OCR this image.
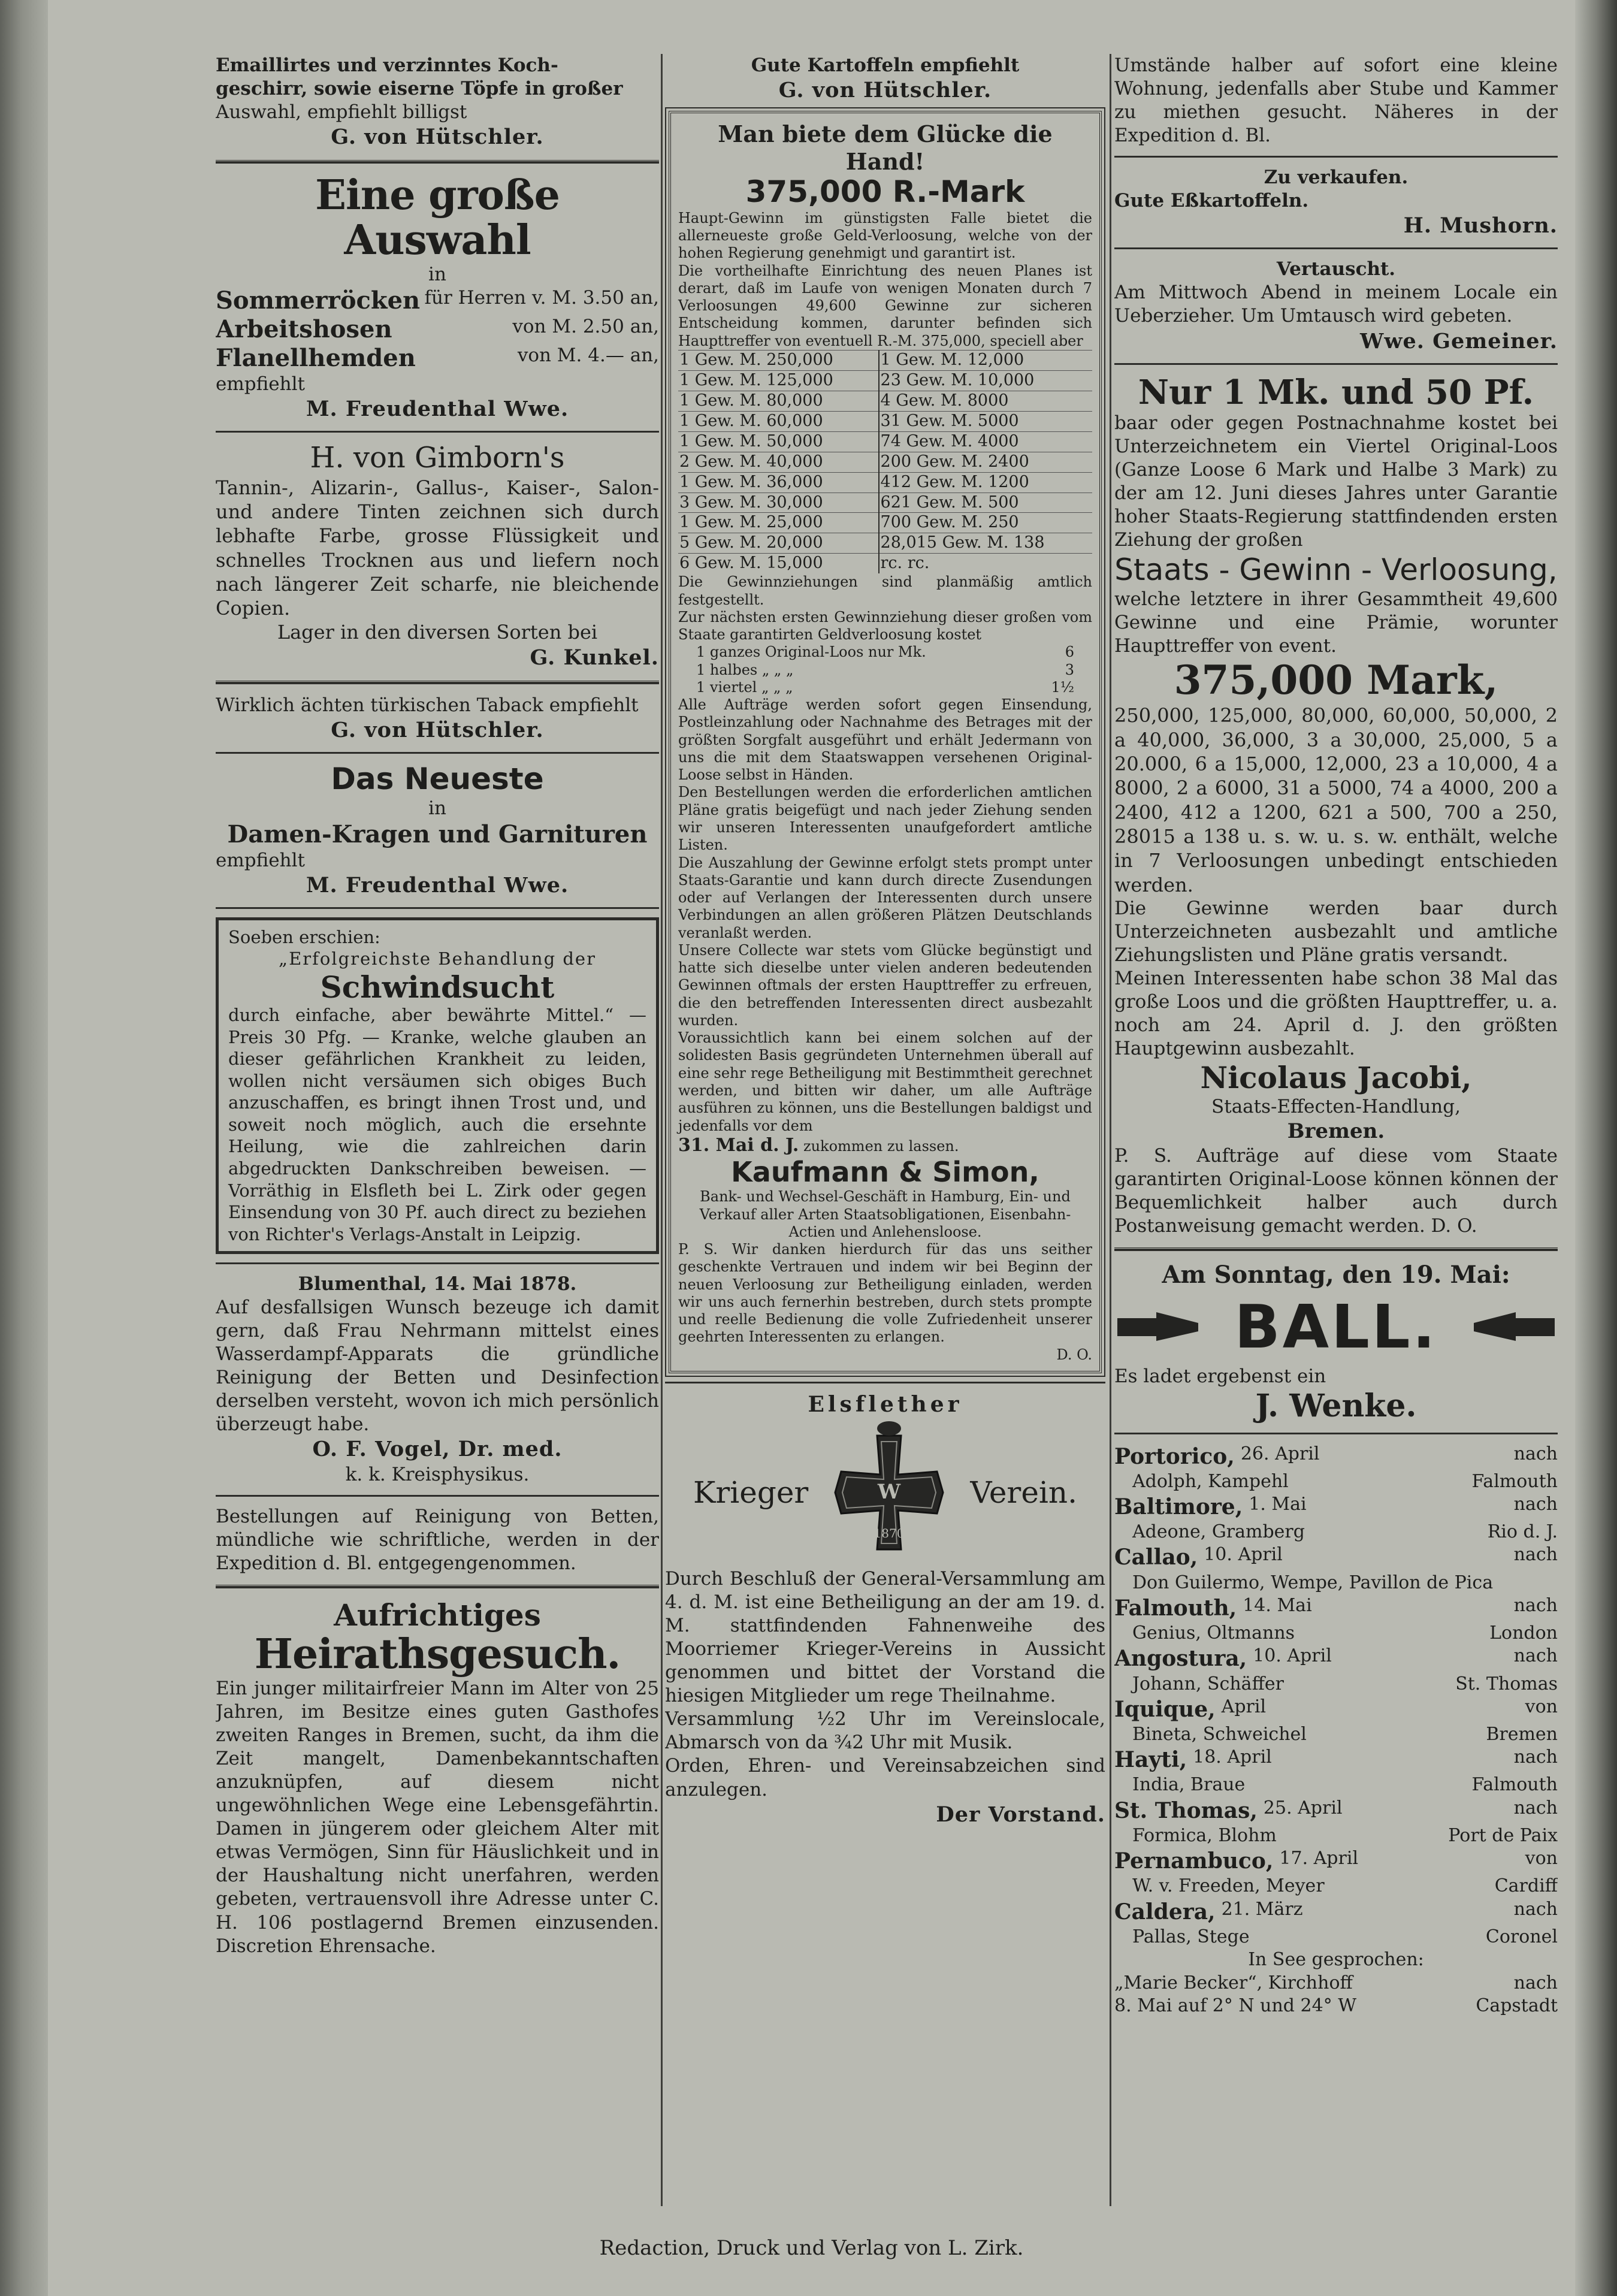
Emaillirtes und verzinntes Koch-
geschirr, sowie eiserne Töpfe in großer
Auswahl, empfiehlt billigst
G. von Hütschler.
Eine große Auswahl
in
Sommerröcken für Herren v. M. 3.50 an,
Arbeitshosen	von M. 2.50 an,
Flanellhemden	von M. 4.— an,
empfiehlt
M. Freudenthal Wwe.
H. von Gimborn's
Tannin-, Alizarin-, Gallus-, Kaiser-, Salon- und andere Tinten zeichnen sich durch lebhafte Farbe, grosse Flüssigkeit und schnelles Trocknen aus und liefern noch nach längerer Zeit scharfe, nie bleichende Copien.
Lager in den diversen Sorten bei
G. Kunkel.
Wirklich ächten türkischen Taback empfiehlt
G. von Hütschler.
Das Neueste
in
Damen-Kragen und Garnituren
empfiehlt
M. Freudenthal Wwe.
Soeben erschien:
„Erfolgreichste Behandlung der
Schwindsucht
durch einfache, aber bewährte Mittel.“ — Preis 30 Pfg. — Kranke, welche glauben an dieser gefährlichen Krankheit zu leiden, wollen nicht versäumen sich obiges Buch anzuschaffen, es bringt ihnen Trost und, und soweit noch möglich, auch die ersehnte Heilung, wie die zahlreichen darin abgedruckten Dankschreiben beweisen. — Vorräthig in Elsfleth bei L. Zirk oder gegen Einsendung von 30 Pf. auch direct zu beziehen von Richter's Verlags-Anstalt in Leipzig.
Blumenthal, 14. Mai 1878.
Auf desfallsigen Wunsch bezeuge ich damit gern, daß Frau Nehrmann mittelst eines Wasserdampf-Apparats die gründliche Reinigung der Betten und Desinfection derselben versteht, wovon ich mich persönlich überzeugt habe.
O. F. Vogel, Dr. med.
k. k. Kreisphysikus.
Bestellungen auf Reinigung von Betten, mündliche wie schriftliche, werden in der Expedition d. Bl. entgegengenommen.
Aufrichtiges
Heirathsgesuch.
Ein junger militairfreier Mann im Alter von 25 Jahren, im Besitze eines guten Gasthofes zweiten Ranges in Bremen, sucht, da ihm die Zeit mangelt, Damenbekanntschaften anzuknüpfen, auf diesem nicht ungewöhnlichen Wege eine Lebensgefährtin. Damen in jüngerem oder gleichem Alter mit etwas Vermögen, Sinn für Häuslichkeit und in der Haushaltung nicht unerfahren, werden gebeten, vertrauensvoll ihre Adresse unter C. H. 106 postlagernd Bremen einzusenden. Discretion Ehrensache.
Gute Kartoffeln empfiehlt
G. von Hütschler.
Man biete dem Glücke die Hand!
375,000 R.-Mark
Haupt-Gewinn im günstigsten Falle bietet die allerneueste große Geld-Verloosung, welche von der hohen Regierung genehmigt und garantirt ist.
Die vortheilhafte Einrichtung des neuen Planes ist derart, daß im Laufe von wenigen Monaten durch 7 Verloosungen 49,600 Gewinne zur sicheren Entscheidung kommen, darunter befinden sich Haupttreffer von eventuell R.-M. 375,000, speciell aber
1 Gew. M. 250,000	1 Gew. M. 12,000
1 Gew. M. 125,000	23 Gew. M. 10,000
1 Gew. M. 80,000	4 Gew. M. 8000
1 Gew. M. 60,000	31 Gew. M. 5000
1 Gew. M. 50,000	74 Gew. M. 4000
2 Gew. M. 40,000	200 Gew. M. 2400
1 Gew. M. 36,000	412 Gew. M. 1200
3 Gew. M. 30,000	621 Gew. M. 500
1 Gew. M. 25,000	700 Gew. M. 250
5 Gew. M. 20,000	28,015 Gew. M. 138
6 Gew. M. 15,000	rc. rc.
Die Gewinnziehungen sind planmäßig amtlich festgestellt.
Zur nächsten ersten Gewinnziehung dieser großen vom Staate garantirten Geldverloosung kostet
1 ganzes Original-Loos nur Mk.	6
1 halbes „ „ „	3
1 viertel „ „ „	1½
Alle Aufträge werden sofort gegen Einsendung, Postleinzahlung oder Nachnahme des Betrages mit der größten Sorgfalt ausgeführt und erhält Jedermann von uns die mit dem Staatswappen versehenen Original-Loose selbst in Händen.
Den Bestellungen werden die erforderlichen amtlichen Pläne gratis beigefügt und nach jeder Ziehung senden wir unseren Interessenten unaufgefordert amtliche Listen.
Die Auszahlung der Gewinne erfolgt stets prompt unter Staats-Garantie und kann durch directe Zusendungen oder auf Verlangen der Interessenten durch unsere Verbindungen an allen größeren Plätzen Deutschlands veranlaßt werden.
Unsere Collecte war stets vom Glücke begünstigt und hatte sich dieselbe unter vielen anderen bedeutenden Gewinnen oftmals der ersten Haupttreffer zu erfreuen, die den betreffenden Interessenten direct ausbezahlt wurden.
Voraussichtlich kann bei einem solchen auf der solidesten Basis gegründeten Unternehmen überall auf eine sehr rege Betheiligung mit Bestimmtheit gerechnet werden, und bitten wir daher, um alle Aufträge ausführen zu können, uns die Bestellungen baldigst und jedenfalls vor dem
31. Mai d. J. zukommen zu lassen.
Kaufmann & Simon,
Bank- und Wechsel-Geschäft in Hamburg, Ein- und Verkauf aller Arten Staatsobligationen, Eisenbahn-Actien und Anlehensloose.
P. S. Wir danken hierdurch für das uns seither geschenkte Vertrauen und indem wir bei Beginn der neuen Verloosung zur Betheiligung einladen, werden wir uns auch fernerhin bestreben, durch stets prompte und reelle Bedienung die volle Zufriedenheit unserer geehrten Interessenten zu erlangen.
D. O.
Elsflether
Krieger	W
1870
Verein.
Durch Beschluß der General-Versammlung am 4. d. M. ist eine Betheiligung an der am 19. d. M. stattfindenden Fahnenweihe des Moorriemer Krieger-Vereins in Aussicht genommen und bittet der Vorstand die hiesigen Mitglieder um rege Theilnahme.
Versammlung ½2 Uhr im Vereinslocale, Abmarsch von da ¾2 Uhr mit Musik.
Orden, Ehren- und Vereinsabzeichen sind anzulegen.
Der Vorstand.
Umstände halber auf sofort eine kleine Wohnung, jedenfalls aber Stube und Kammer zu miethen gesucht. Näheres in der Expedition d. Bl.
Zu verkaufen.
Gute Eßkartoffeln.
H. Mushorn.
Vertauscht.
Am Mittwoch Abend in meinem Locale ein Ueberzieher. Um Umtausch wird gebeten.
Wwe. Gemeiner.
Nur 1 Mk. und 50 Pf.
baar oder gegen Postnachnahme kostet bei Unterzeichnetem ein Viertel Original-Loos (Ganze Loose 6 Mark und Halbe 3 Mark) zu der am 12. Juni dieses Jahres unter Garantie hoher Staats-Regierung stattfindenden ersten Ziehung der großen
Staats - Gewinn - Verloosung,
welche letztere in ihrer Gesammtheit 49,600 Gewinne und eine Prämie, worunter Haupttreffer von event.
375,000 Mark,
250,000, 125,000, 80,000, 60,000, 50,000, 2 a 40,000, 36,000, 3 a 30,000, 25,000, 5 a 20.000, 6 a 15,000, 12,000, 23 a 10,000, 4 a 8000, 2 a 6000, 31 a 5000, 74 a 4000, 200 a 2400, 412 a 1200, 621 a 500, 700 a 250, 28015 a 138 u. s. w. u. s. w. enthält, welche in 7 Verloosungen unbedingt entschieden werden.
Die Gewinne werden baar durch Unterzeichneten ausbezahlt und amtliche Ziehungslisten und Pläne gratis versandt.
Meinen Interessenten habe schon 38 Mal das große Loos und die größten Haupttreffer, u. a. noch am 24. April d. J. den größten Hauptgewinn ausbezahlt.
Nicolaus Jacobi,
Staats-Effecten-Handlung,
Bremen.
P. S. Aufträge auf diese vom Staate garantirten Original-Loose können können der Bequemlichkeit halber auch durch Postanweisung gemacht werden. D. O.
Am Sonntag, den 19. Mai:
BALL.
Es ladet ergebenst ein
J. Wenke.
Portorico, 26. April	nach
Adolph, Kampehl	Falmouth
Baltimore, 1. Mai	nach
Adeone, Gramberg	Rio d. J.
Callao, 10. April	nach
Don Guilermo, Wempe, Pavillon de Pica
Falmouth, 14. Mai	nach
Genius, Oltmanns	London
Angostura, 10. April	nach
Johann, Schäffer	St. Thomas
Iquique, April	von
Bineta, Schweichel	Bremen
Hayti, 18. April	nach
India, Braue	Falmouth
St. Thomas, 25. April	nach
Formica, Blohm	Port de Paix
Pernambuco, 17. April	von
W. v. Freeden, Meyer	Cardiff
Caldera, 21. März	nach
Pallas, Stege	Coronel
In See gesprochen:
„Marie Becker“, Kirchhoff	nach
8. Mai auf 2° N und 24° W	Capstadt
Redaction, Druck und Verlag von L. Zirk.
